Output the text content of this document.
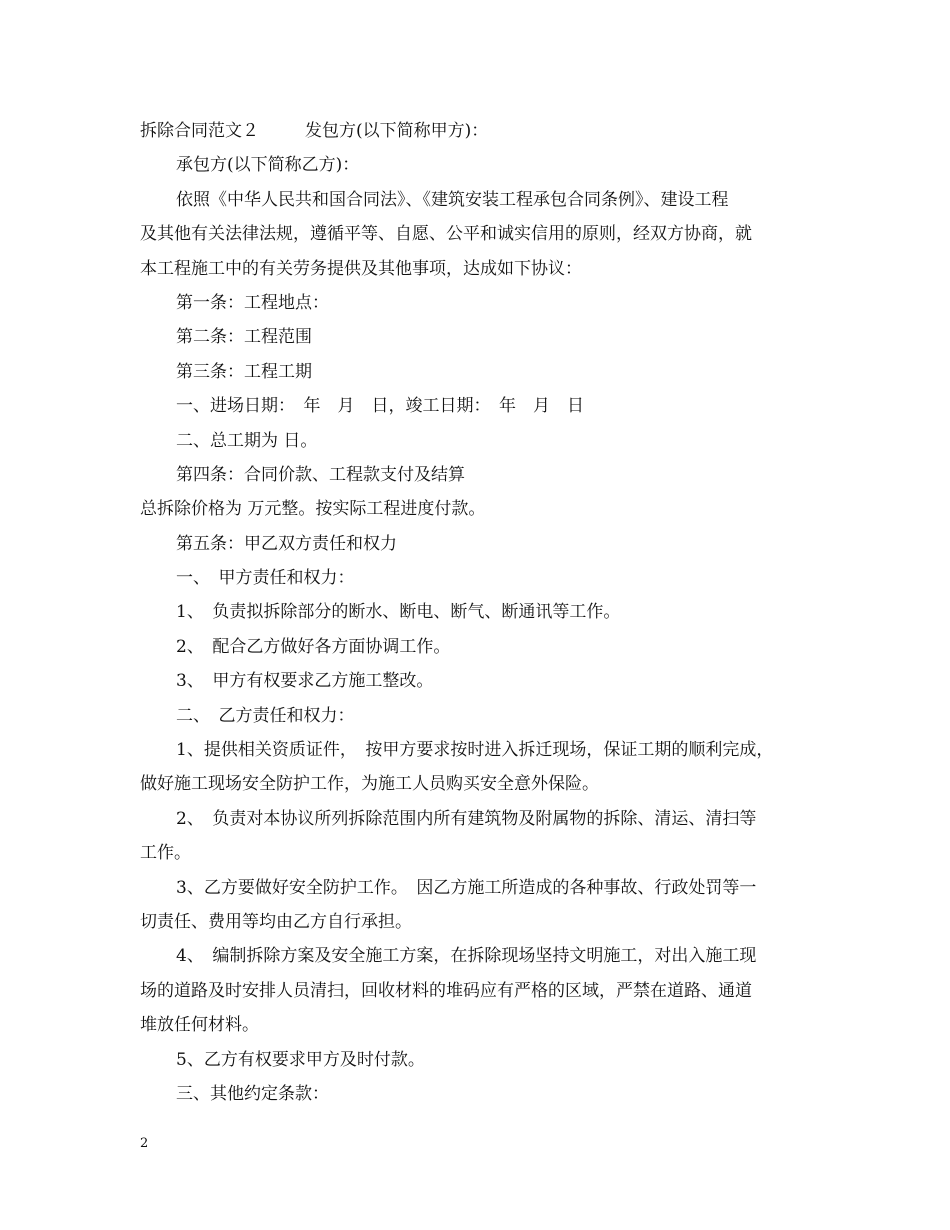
拆除合同范文２	发包方(以下简称甲方)：
承包方(以下简称乙方)：
依照《中华人民共和国合同法》、《建筑安装工程承包合同条例》、建设工程
及其他有关法律法规，遵循平等、自愿、公平和诚实信用的原则，经双方协商，就
本工程施工中的有关劳务提供及其他事项，达成如下协议：
第一条：工程地点：
第二条：工程范围
第三条：工程工期
一、进场日期：　年　月　日，竣工日期：　年　月　日
二、总工期为 日。
第四条：合同价款、工程款支付及结算
总拆除价格为 万元整。按实际工程进度付款。
第五条：甲乙双方责任和权力
一、　甲方责任和权力：
1、　负责拟拆除部分的断水、断电、断气、断通讯等工作。
2、　配合乙方做好各方面协调工作。
3、　甲方有权要求乙方施工整改。
二、　乙方责任和权力：
1、提供相关资质证件，　按甲方要求按时进入拆迁现场，保证工期的顺利完成，
做好施工现场安全防护工作，为施工人员购买安全意外保险。
2、　负责对本协议所列拆除范围内所有建筑物及附属物的拆除、清运、清扫等
工作。
3、乙方要做好安全防护工作。　因乙方施工所造成的各种事故、行政处罚等一
切责任、费用等均由乙方自行承担。
4、　编制拆除方案及安全施工方案，在拆除现场坚持文明施工，对出入施工现
场的道路及时安排人员清扫，回收材料的堆码应有严格的区域，严禁在道路、通道
堆放任何材料。
5、乙方有权要求甲方及时付款。
三、其他约定条款：
2
